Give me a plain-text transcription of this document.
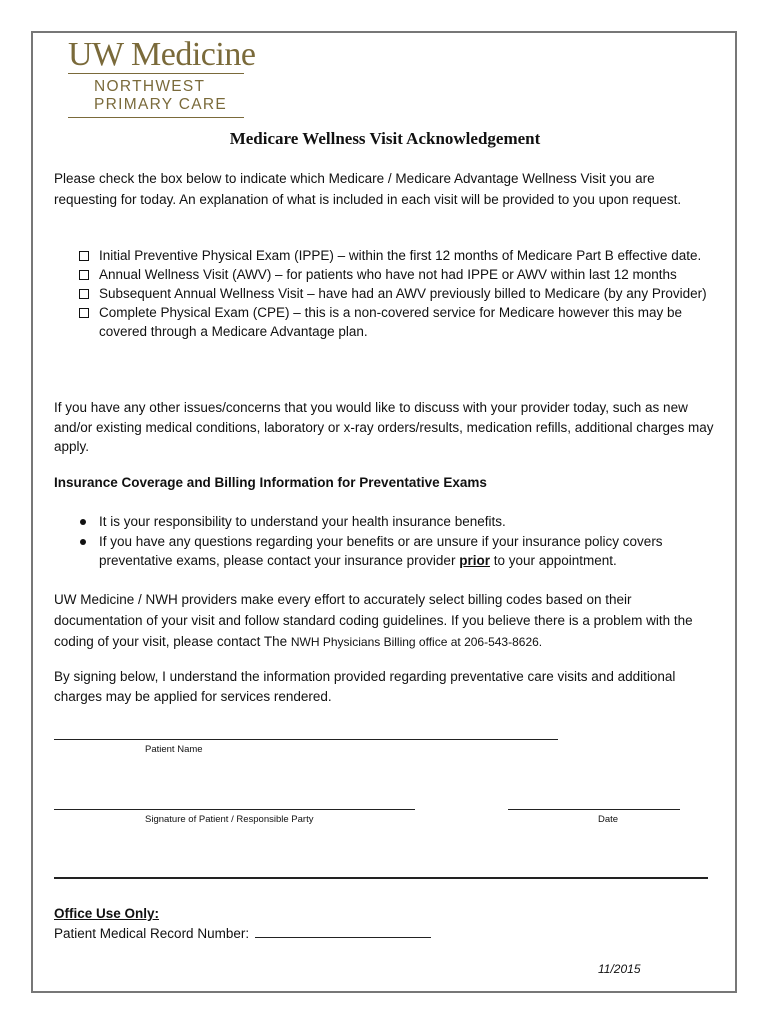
UW Medicine
NORTHWEST
PRIMARY CARE
Medicare Wellness Visit Acknowledgement
Please check the box below to indicate which Medicare / Medicare Advantage Wellness Visit you are requesting for today. An explanation of what is included in each visit will be provided to you upon request.
Initial Preventive Physical Exam (IPPE) – within the first 12 months of Medicare Part B effective date.
Annual Wellness Visit (AWV) – for patients who have not had IPPE or AWV within last 12 months
Subsequent Annual Wellness Visit – have had an AWV previously billed to Medicare (by any Provider)
Complete Physical Exam (CPE) – this is a non-covered service for Medicare however this may be covered through a Medicare Advantage plan.
If you have any other issues/concerns that you would like to discuss with your provider today, such as new and/or existing medical conditions, laboratory or x-ray orders/results, medication refills, additional charges may apply.
Insurance Coverage and Billing Information for Preventative Exams
It is your responsibility to understand your health insurance benefits.
If you have any questions regarding your benefits or are unsure if your insurance policy covers preventative exams, please contact your insurance provider prior to your appointment.
UW Medicine / NWH providers make every effort to accurately select billing codes based on their documentation of your visit and follow standard coding guidelines. If you believe there is a problem with the coding of your visit, please contact The NWH Physicians Billing office at 206-543-8626.
By signing below, I understand the information provided regarding preventative care visits and additional charges may be applied for services rendered.
Patient Name
Signature of Patient / Responsible Party	Date
Office Use Only:
Patient Medical Record Number:
11/2015
